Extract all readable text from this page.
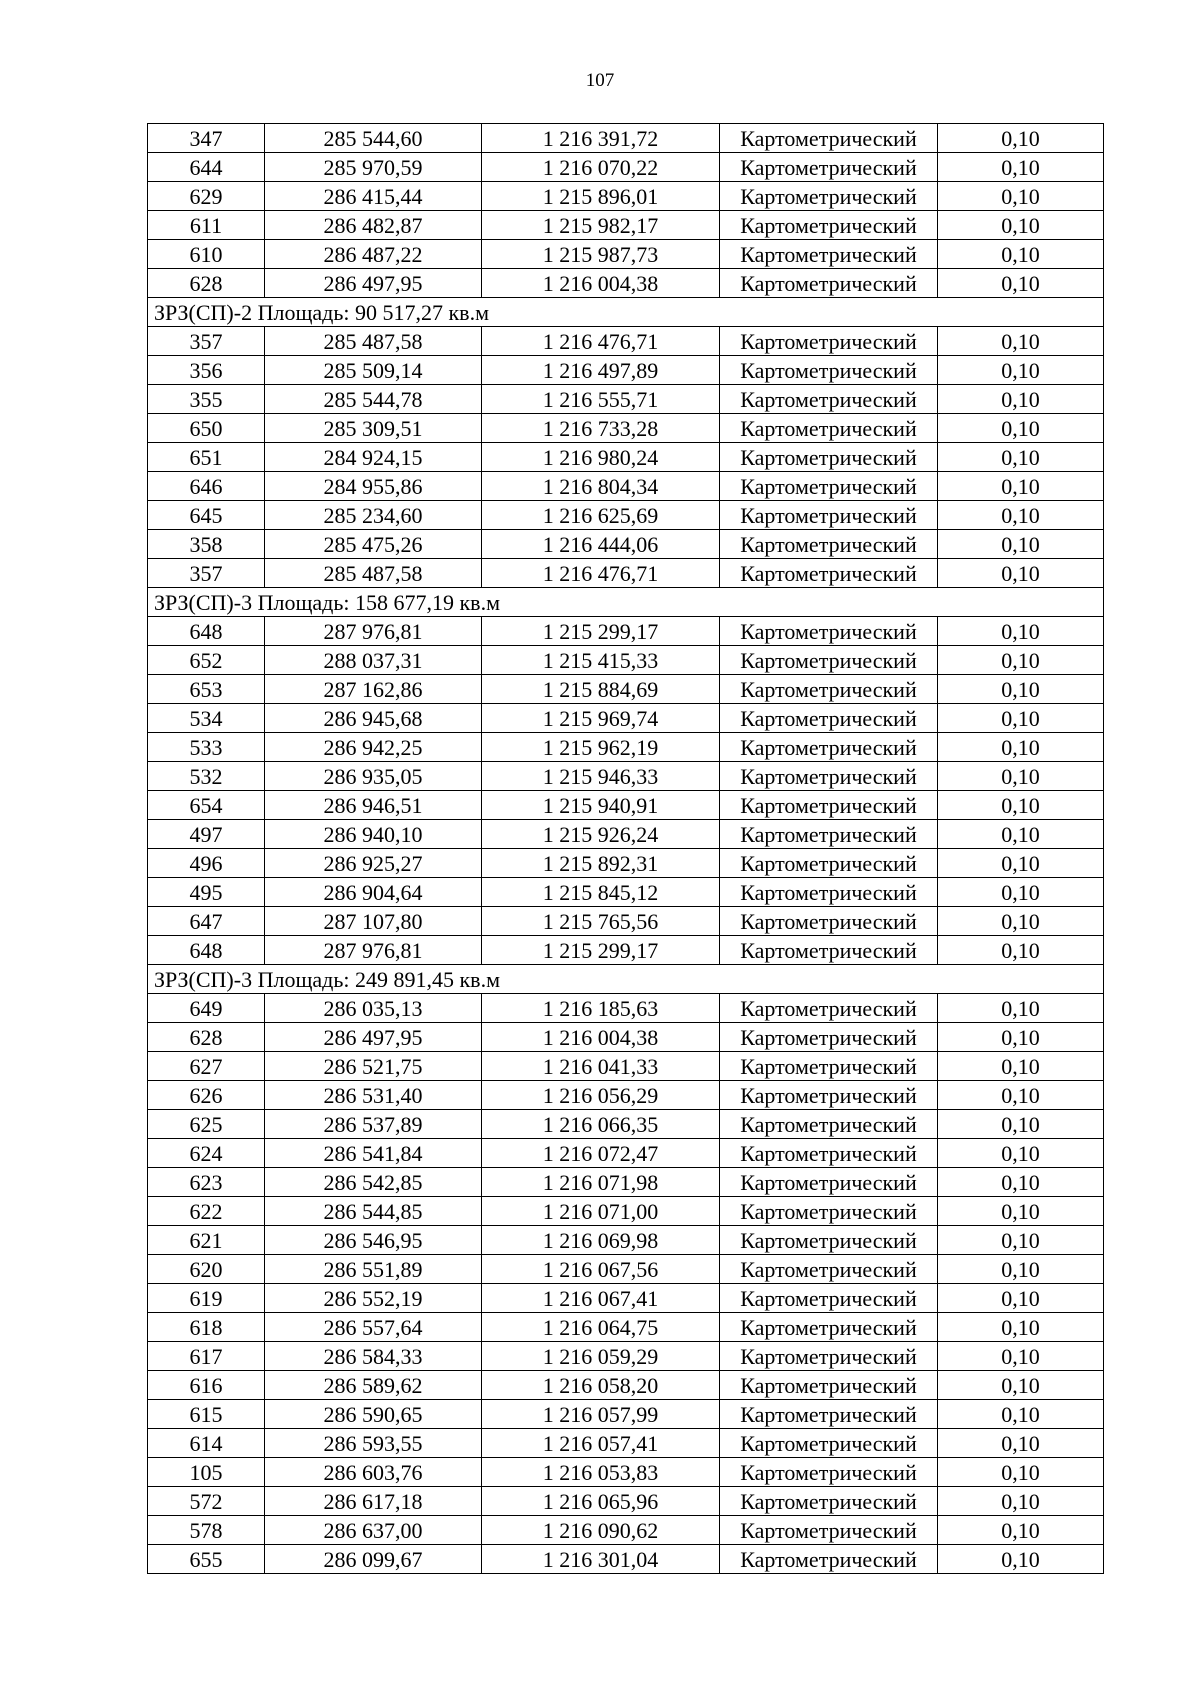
107
347	285 544,60	1 216 391,72	Картометрический	0,10
644	285 970,59	1 216 070,22	Картометрический	0,10
629	286 415,44	1 215 896,01	Картометрический	0,10
611	286 482,87	1 215 982,17	Картометрический	0,10
610	286 487,22	1 215 987,73	Картометрический	0,10
628	286 497,95	1 216 004,38	Картометрический	0,10
ЗРЗ(СП)-2 Площадь: 90 517,27 кв.м				
357	285 487,58	1 216 476,71	Картометрический	0,10
356	285 509,14	1 216 497,89	Картометрический	0,10
355	285 544,78	1 216 555,71	Картометрический	0,10
650	285 309,51	1 216 733,28	Картометрический	0,10
651	284 924,15	1 216 980,24	Картометрический	0,10
646	284 955,86	1 216 804,34	Картометрический	0,10
645	285 234,60	1 216 625,69	Картометрический	0,10
358	285 475,26	1 216 444,06	Картометрический	0,10
357	285 487,58	1 216 476,71	Картометрический	0,10
ЗРЗ(СП)-3 Площадь: 158 677,19 кв.м				
648	287 976,81	1 215 299,17	Картометрический	0,10
652	288 037,31	1 215 415,33	Картометрический	0,10
653	287 162,86	1 215 884,69	Картометрический	0,10
534	286 945,68	1 215 969,74	Картометрический	0,10
533	286 942,25	1 215 962,19	Картометрический	0,10
532	286 935,05	1 215 946,33	Картометрический	0,10
654	286 946,51	1 215 940,91	Картометрический	0,10
497	286 940,10	1 215 926,24	Картометрический	0,10
496	286 925,27	1 215 892,31	Картометрический	0,10
495	286 904,64	1 215 845,12	Картометрический	0,10
647	287 107,80	1 215 765,56	Картометрический	0,10
648	287 976,81	1 215 299,17	Картометрический	0,10
ЗРЗ(СП)-3 Площадь: 249 891,45 кв.м				
649	286 035,13	1 216 185,63	Картометрический	0,10
628	286 497,95	1 216 004,38	Картометрический	0,10
627	286 521,75	1 216 041,33	Картометрический	0,10
626	286 531,40	1 216 056,29	Картометрический	0,10
625	286 537,89	1 216 066,35	Картометрический	0,10
624	286 541,84	1 216 072,47	Картометрический	0,10
623	286 542,85	1 216 071,98	Картометрический	0,10
622	286 544,85	1 216 071,00	Картометрический	0,10
621	286 546,95	1 216 069,98	Картометрический	0,10
620	286 551,89	1 216 067,56	Картометрический	0,10
619	286 552,19	1 216 067,41	Картометрический	0,10
618	286 557,64	1 216 064,75	Картометрический	0,10
617	286 584,33	1 216 059,29	Картометрический	0,10
616	286 589,62	1 216 058,20	Картометрический	0,10
615	286 590,65	1 216 057,99	Картометрический	0,10
614	286 593,55	1 216 057,41	Картометрический	0,10
105	286 603,76	1 216 053,83	Картометрический	0,10
572	286 617,18	1 216 065,96	Картометрический	0,10
578	286 637,00	1 216 090,62	Картометрический	0,10
655	286 099,67	1 216 301,04	Картометрический	0,10
